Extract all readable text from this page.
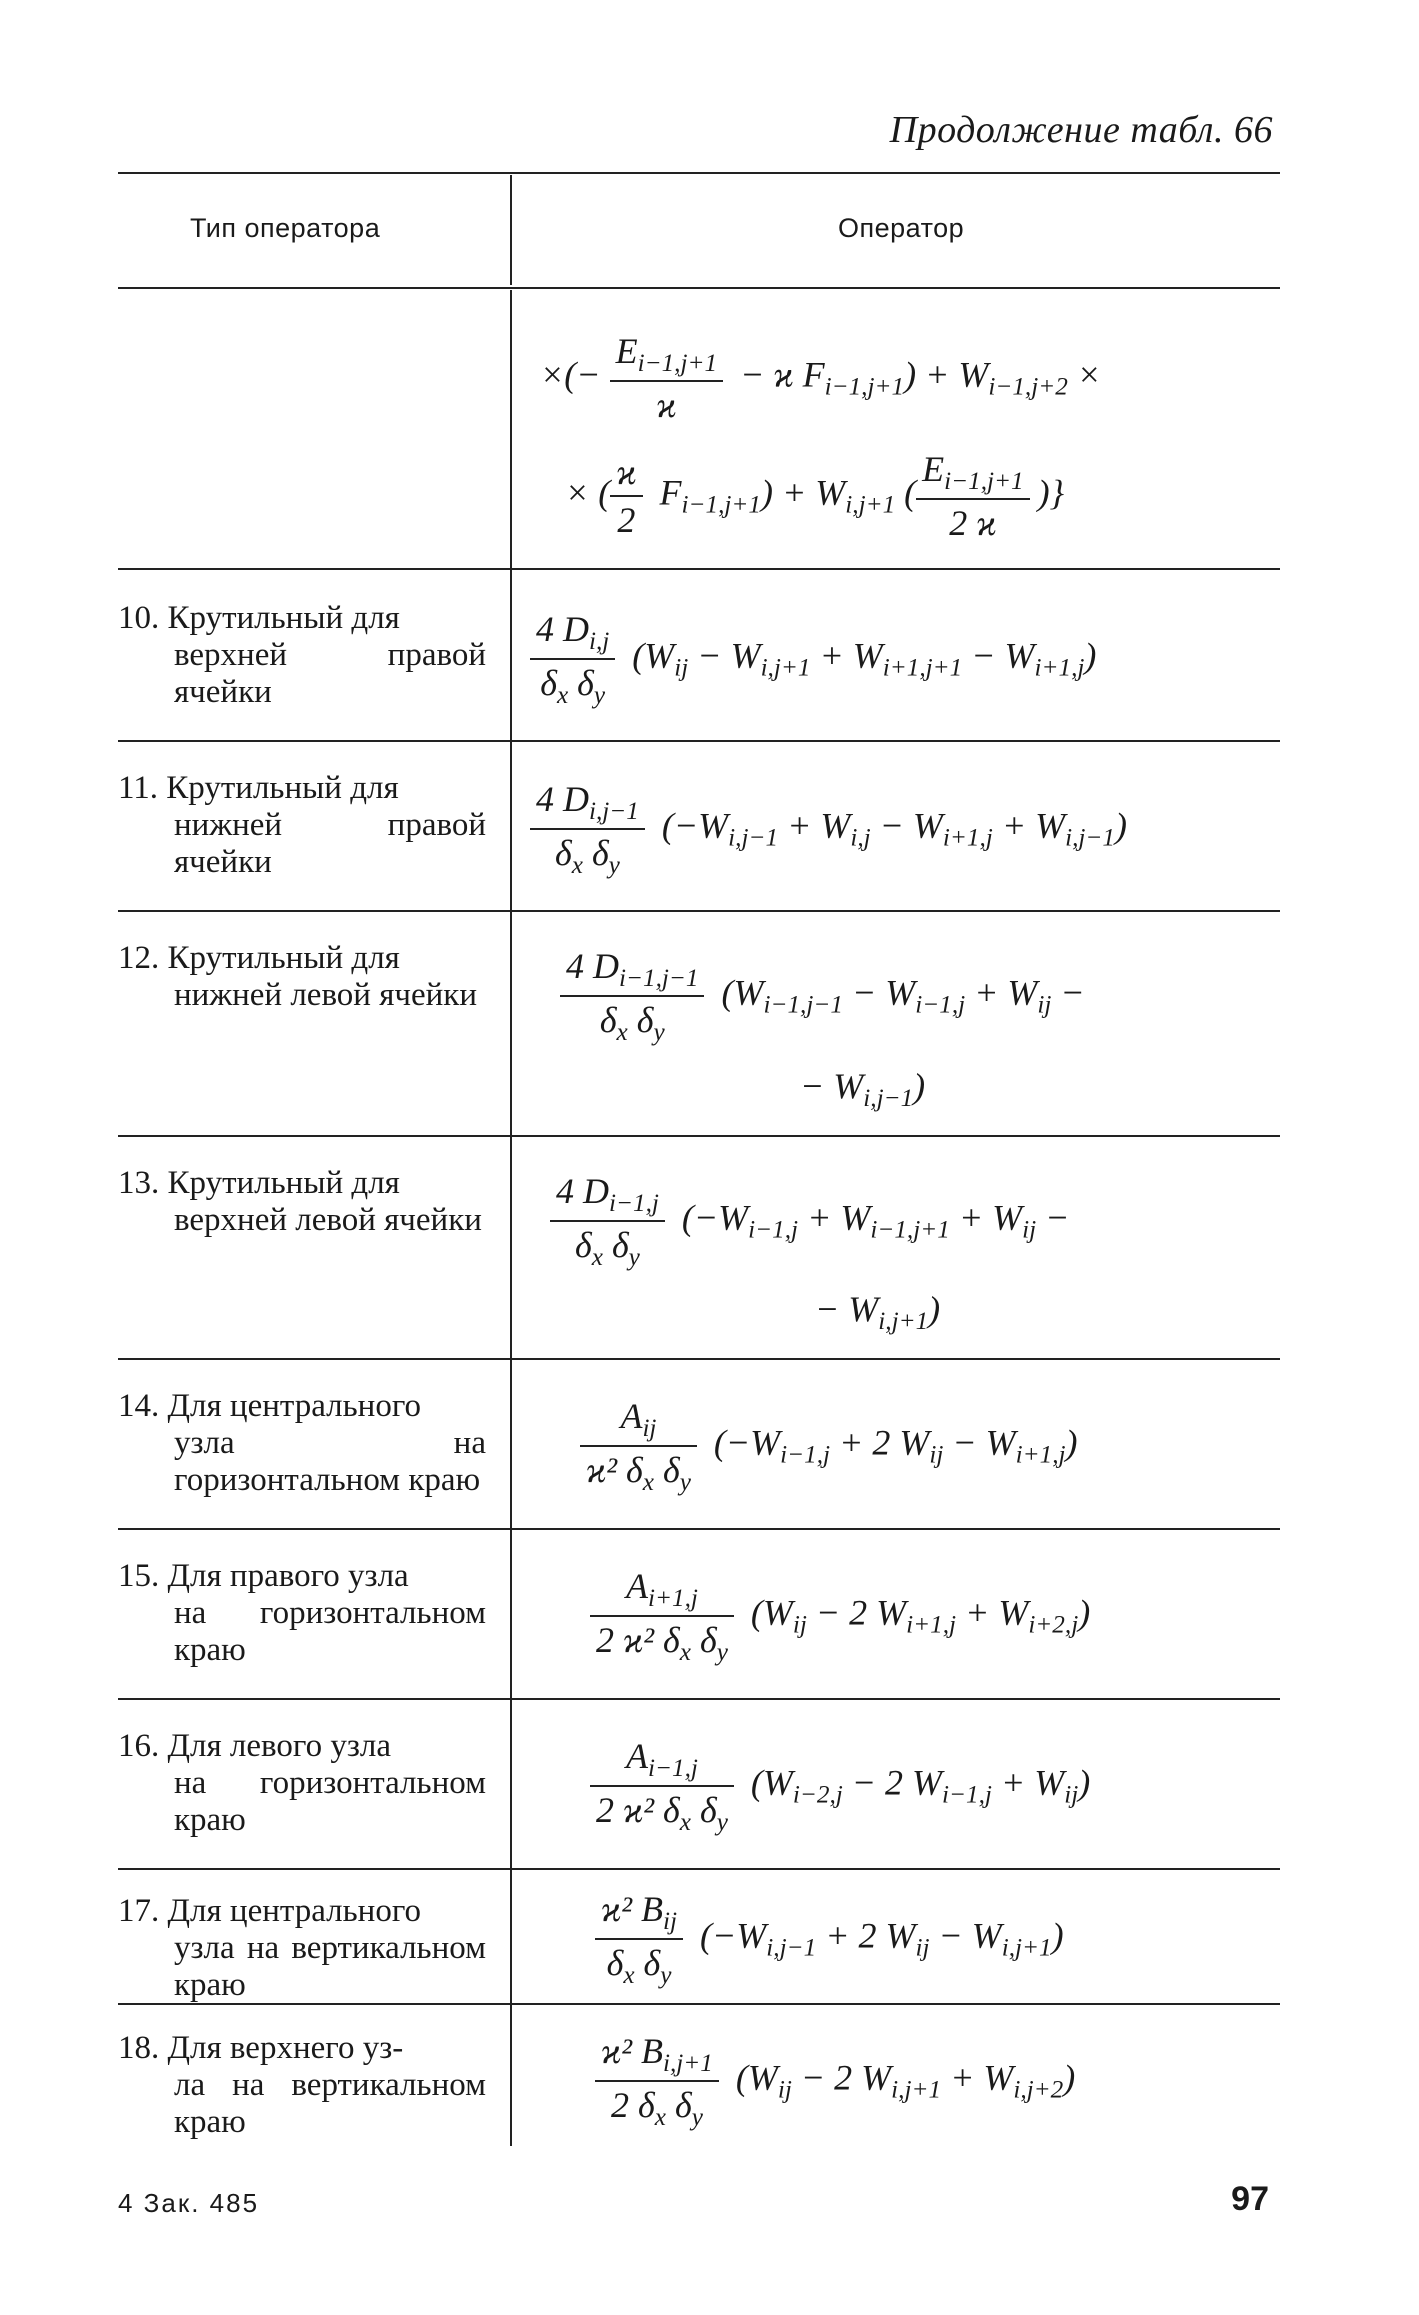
Продолжение табл. 66
Тип оператора	Оператор
×(− $\frac{E_{i-1,j+1}}{ϰ} - ϰ$ $F_{i-1,j+1}) + W_{i-1,j+2}$ ×
× ( $\frac{ϰ}{2} F_{i-1,j+1}) + W_{i,j+1}$ ( $\frac{E_{i-1,j+1}}{2 ϰ}$ )}
10. Крутильный для
верхней правой ячейки	$\frac{4 D_{i,j}}{\delta_x \delta_y} (W_{ij} - W_{i,j+1} + W_{i+1,j+1} - W_{i+1,j})$
11. Крутильный для
нижней правой ячейки	$\frac{4 D_{i,j-1}}{\delta_x \delta_y} (-W_{i,j-1} + W_{i,j} - W_{i+1,j} + W_{i,j-1})$
12. Крутильный для
нижней левой ячейки $\frac{4 D_{i-1,j-1}}{\delta_x \delta_y} (W_{i-1,j-1} - W_{i-1,j} + W_{ij}$ −
− $W_{i,j-1}$)
13. Крутильный для
верхней левой ячейки $\frac{4 D_{i-1,j}}{\delta_x \delta_y} (-W_{i-1,j} + W_{i-1,j+1} + W_{ij}$ −
− $W_{i,j+1}$)
14. Для центрального
узла на горизонтальном краю	$\frac{A_{ij}}{ϰ^2 \delta_x \delta_y} (-W_{i-1,j} + 2$ $W_{ij} - W_{i+1,j}$)
15. Для правого узла
на горизонтальном краю	$\frac{A_{i+1,j}}{2 ϰ^2 \delta_x \delta_y} (W_{ij} - 2$ $W_{i+1,j} + W_{i+2,j}$)
16. Для левого узла
на горизонтальном краю	$\frac{A_{i-1,j}}{2 ϰ^2 \delta_x \delta_y} (W_{i-2,j} - 2$ $W_{i-1,j} + W_{ij}$)
17. Для центрального
узла на вертикальном краю	$\frac{ϰ^2 B_{ij}}{\delta_x \delta_y} (-W_{i,j-1} + 2$ $W_{ij} - W_{i,j+1}$)
18. Для верхнего уз-
ла на вертикальном краю	$\frac{ϰ^2 B_{i,j+1}}{2 \delta_x \delta_y} (W_{ij} - 2$ $W_{i,j+1} + W_{i,j+2}$)
4 Зак. 485	97
